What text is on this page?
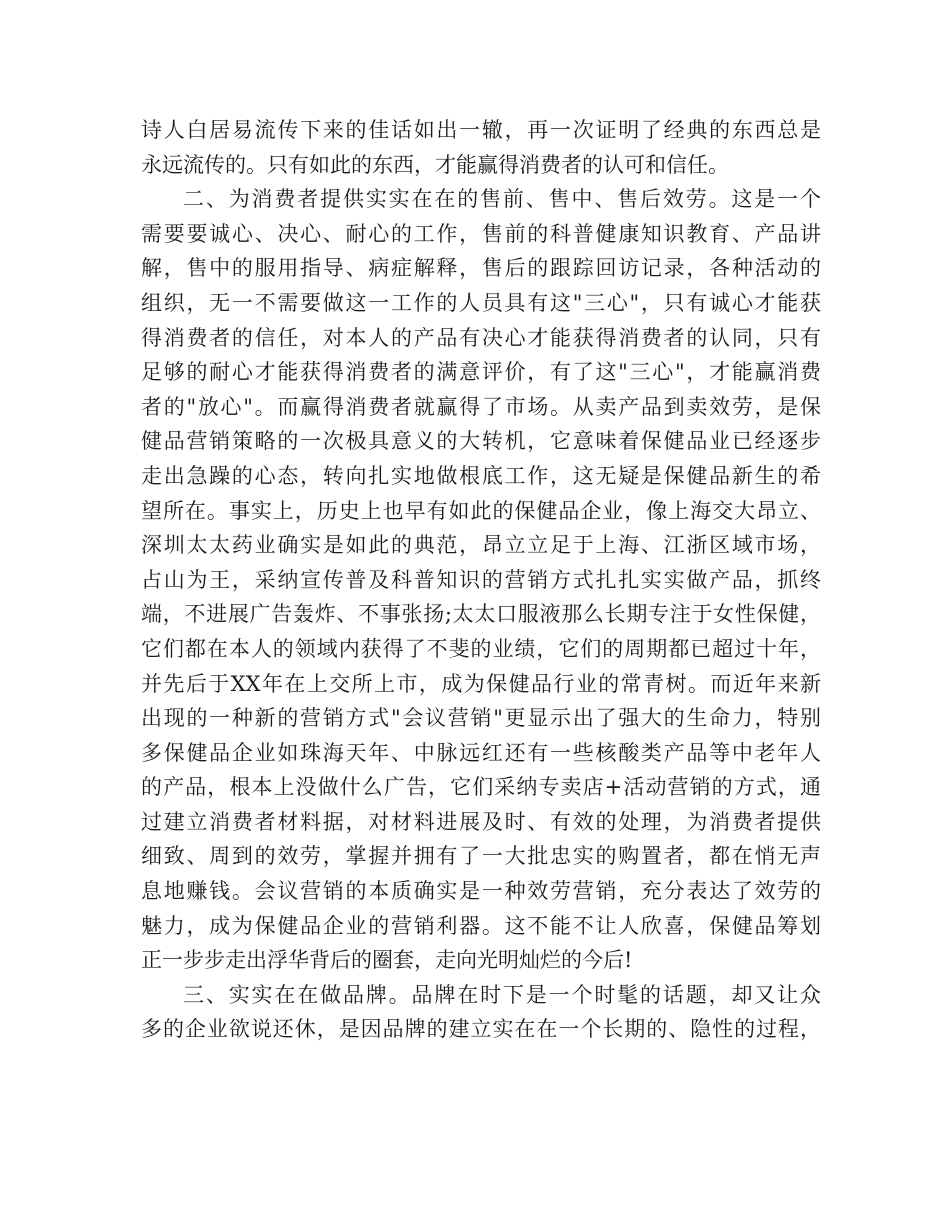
诗人白居易流传下来的佳话如出一辙，再一次证明了经典的东西总是
永远流传的。只有如此的东西，才能赢得消费者的认可和信任。
二、为消费者提供实实在在的售前、售中、售后效劳。这是一个
需要要诚心、决心、耐心的工作，售前的科普健康知识教育、产品讲
解，售中的服用指导、病症解释，售后的跟踪回访记录，各种活动的
组织，无一不需要做这一工作的人员具有这"三心"，只有诚心才能获
得消费者的信任，对本人的产品有决心才能获得消费者的认同，只有
足够的耐心才能获得消费者的满意评价，有了这"三心"，才能赢消费
者的"放心"。而赢得消费者就赢得了市场。从卖产品到卖效劳，是保
健品营销策略的一次极具意义的大转机，它意味着保健品业已经逐步
走出急躁的心态，转向扎实地做根底工作，这无疑是保健品新生的希
望所在。事实上，历史上也早有如此的保健品企业，像上海交大昂立、
深圳太太药业确实是如此的典范，昂立立足于上海、江浙区域市场，
占山为王，采纳宣传普及科普知识的营销方式扎扎实实做产品，抓终
端，不进展广告轰炸、不事张扬;太太口服液那么长期专注于女性保健，
它们都在本人的领域内获得了不斐的业绩，它们的周期都已超过十年，
并先后于XX年在上交所上市，成为保健品行业的常青树。而近年来新
出现的一种新的营销方式"会议营销"更显示出了强大的生命力，特别
多保健品企业如珠海天年、中脉远红还有一些核酸类产品等中老年人
的产品，根本上没做什么广告，它们采纳专卖店+活动营销的方式，通
过建立消费者材料据，对材料进展及时、有效的处理，为消费者提供
细致、周到的效劳，掌握并拥有了一大批忠实的购置者，都在悄无声
息地赚钱。会议营销的本质确实是一种效劳营销，充分表达了效劳的
魅力，成为保健品企业的营销利器。这不能不让人欣喜，保健品筹划
正一步步走出浮华背后的圈套，走向光明灿烂的今后!
三、实实在在做品牌。品牌在时下是一个时髦的话题，却又让众
多的企业欲说还休，是因品牌的建立实在在一个长期的、隐性的过程，
